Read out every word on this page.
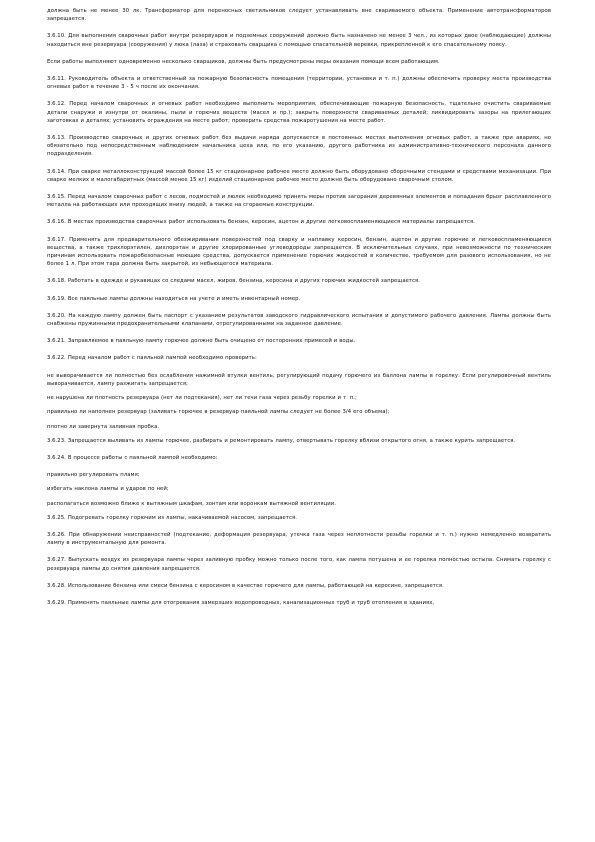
должна быть не менее 30 лк. Трансформатор для переносных светильников следует устанавливать вне свариваемого объекта. Применение автотрансформаторов запрещается.

3.6.10. Для выполнения сварочных работ внутри резервуаров и подземных сооружений должно быть назначено не менее 3 чел., из которых двое (наблюдающие) должны находиться вне резервуара (сооружения) у люка (лаза) и страховать сварщика с помощью спасательной веревки, прикрепленной к его спасательному поясу.

Если работы выполняют одновременно несколько сварщиков, должны быть предусмотрены меры оказания помощи всем работающим.

3.6.11. Руководитель объекта и ответственный за пожарную безопасность помещения (территории, установки и т. п.) должны обеспечить проверку места производства огневых работ в течение 3 - 5 ч после их окончания.

3.6.12. Перед началом сварочных и огневых работ необходимо выполнить мероприятия, обеспечивающие пожарную безопасность, тщательно очистить свариваемые детали снаружи и изнутри от окалины, пыли и горючих веществ (масел и пр.); закрыть поверхности свариваемых деталей; ликвидировать зазоры на прилегающих заготовках и деталях; установить ограждения на месте работ; проверить средства пожаротушения на месте работ.

3.6.13. Производство сварочных и других огневых работ без выдачи наряда допускается в постоянных местах выполнения огневых работ, а также при авариях, но обязательно под непосредственным наблюдением начальника цеха или, по его указанию, другого работника из административно-технического персонала данного подразделения.

3.6.14. При сварке металлоконструкций массой более 15 кг стационарное рабочее место должно быть оборудовано сборочными стендами и средствами механизации. При сварке мелких и малогабаритных (массой менее 15 кг) изделий стационарное рабочее место должно быть оборудовано сварочным столом.

3.6.15. Перед началом сварочных работ с лесов, подмостей и люлек необходимо принять меры против загорания деревянных элементов и попадания брызг расплавленного металла на работающих или проходящих внизу людей, а также на сгораемые конструкции.

3.6.16. В местах производства сварочных работ использовать бензин, керосин, ацетон и другие легковоспламеняющиеся материалы запрещается.

3.6.17. Применять для предварительного обезжиривания поверхностей под сварку и наплавку керосин, бензин, ацетон и другие горючие и легковоспламеняющиеся вещества, а также трихлорэтилен, дихлорэтан и другие хлорированные углеводороды запрещается. В исключительных случаях, при невозможности по техническим причинам использовать пожаробезопасные моющие средства, допускается применение горючих жидкостей в количестве, требуемом для разового использования, но не более 1 л. При этом тара должна быть закрытой, из небьющегося материала.

3.6.18. Работать в одежде и рукавицах со следами масел, жиров, бензина, керосина и других горючих жидкостей запрещается.

3.6.19. Все паяльные лампы должны находиться на учете и иметь инвентарный номер.

3.6.20. На каждую лампу должен быть паспорт с указанием результатов заводского гидравлического испытания и допустимого рабочего давления. Лампы должны быть снабжены пружинными предохранительными клапанами, отрегулированными на заданное давление.

3.6.21. Заправляемое в паяльную лампу горючее должно быть очищено от посторонних примесей и воды.

3.6.22. Перед началом работ с паяльной лампой необходимо проверить:

не выворачивается ли полностью без ослабления нажимной втулки вентиль, регулирующий подачу горючего из баллона лампы в горелку. Если регулировочный вентиль выворачивается, лампу разжигать запрещается;

не нарушена ли плотность резервуара (нет ли подтекания), нет ли течи газа через резьбу горелки и т. п.;

правильно ли наполнен резервуар (заливать горючее в резервуар паяльной лампы следует не более 3/4 его объема);

плотно ли завернута заливная пробка.

3.6.23. Запрещается выливать из лампы горючее, разбирать и ремонтировать лампу, отвертывать горелку вблизи открытого огня, а также курить запрещается.

3.6.24. В процессе работы с паяльной лампой необходимо:

правильно регулировать пламя;

избегать наклона лампы и ударов по ней;

располагаться возможно ближе к вытяжным шкафам, зонтам или воронкам вытяжной вентиляции.

3.6.25. Подогревать горелку горючим из лампы, накачиваемой насосом, запрещается.

3.6.26. При обнаружении неисправностей (подтекание, деформация резервуара, утечка газа через неплотности резьбы горелки и т. п.) нужно немедленно возвратить лампу в инструментальную для ремонта.

3.6.27. Выпускать воздух из резервуара лампы через заливную пробку можно только после того, как лампа потушена и ее горелка полностью остыла. Снимать горелку с резервуара лампы до снятия давления запрещается.

3.6.28. Использование бензина или смеси бензина с керосином в качестве горючего для лампы, работающей на керосине, запрещается.

3.6.29. Применять паяльные лампы для отогревания замерзших водопроводных, канализационных труб и труб отопления в зданиях,
